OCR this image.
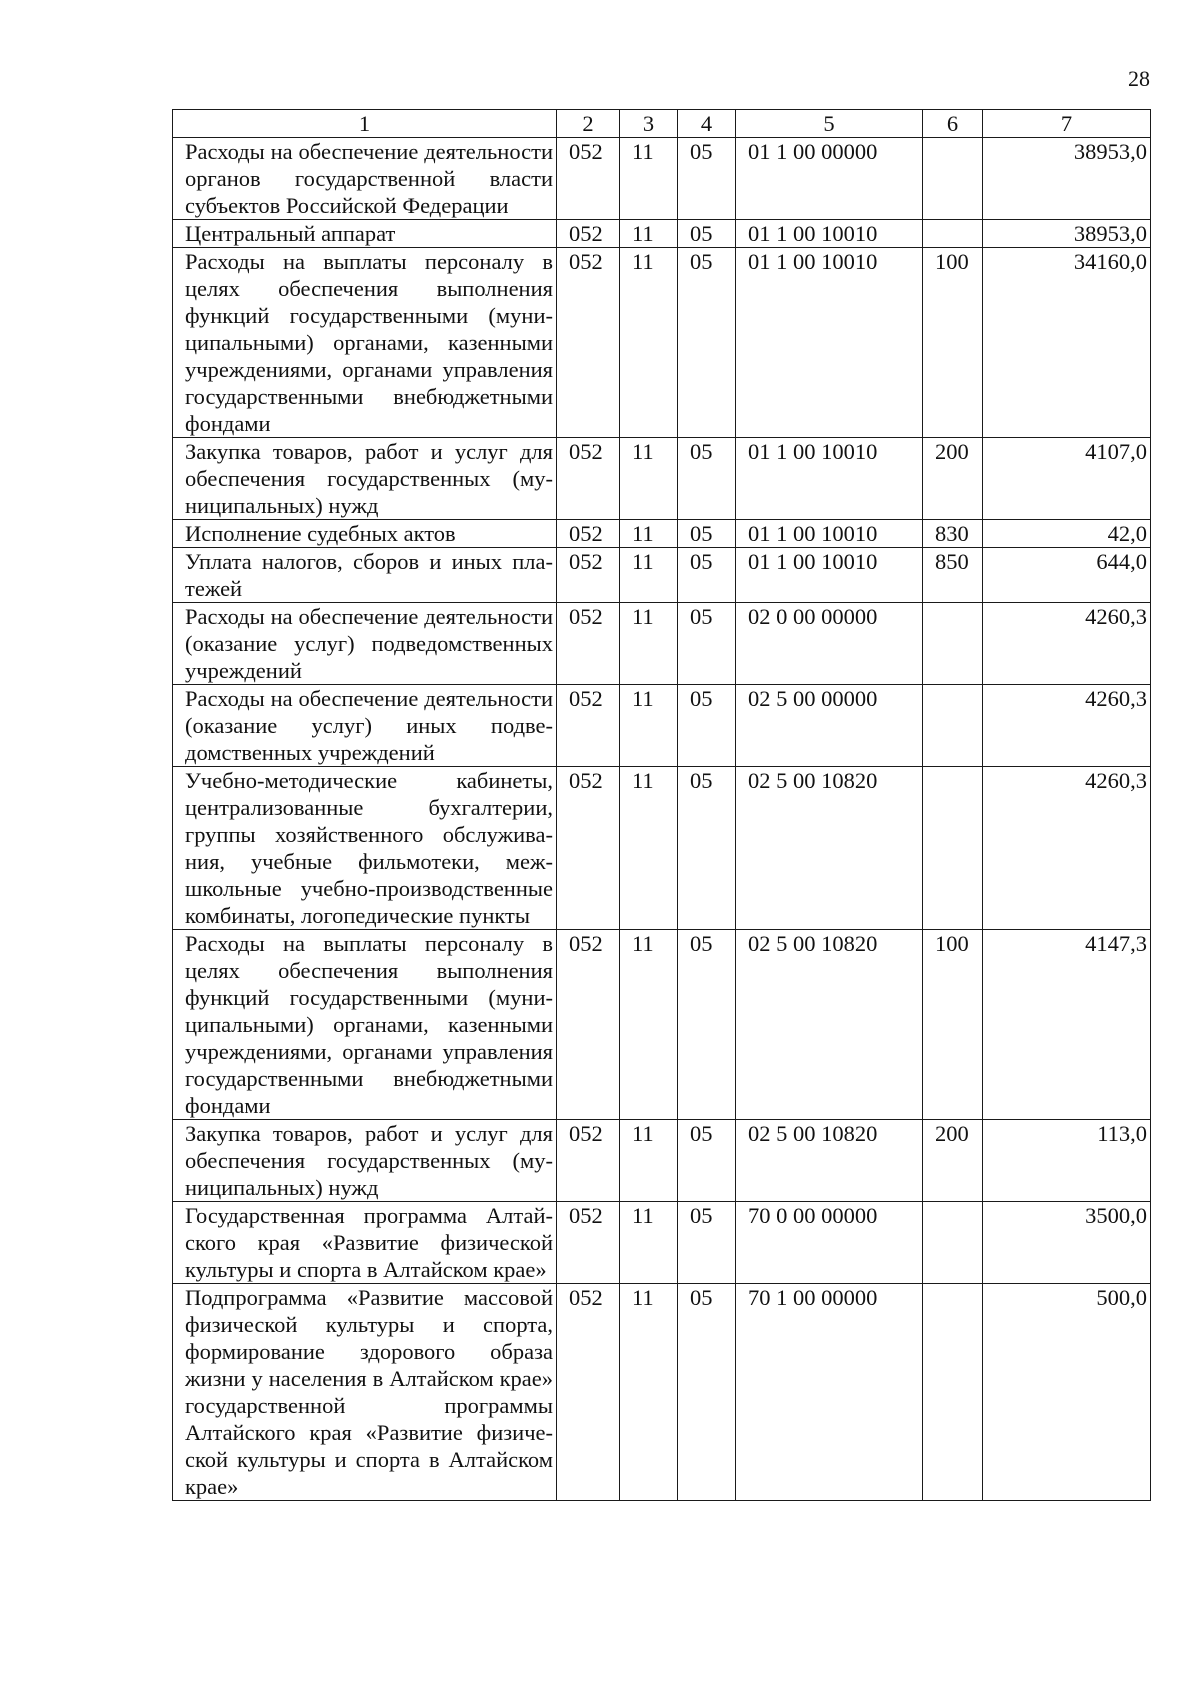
28
1	2	3	4	5	6	7
Расходы на обеспечение деятельности органов государственной власти субъектов Российской Федерации	052	11	05	01 1 00 00000		38953,0
Центральный аппарат	052	11	05	01 1 00 10010		38953,0
Расходы на выплаты персоналу в целях обеспечения выполнения функций государственными (муниципальными) органами, казенными учреждениями, органами управления государственными внебюджетными фондами	052	11	05	01 1 00 10010	100	34160,0
Закупка товаров, работ и услуг для обеспечения государственных (муниципальных) нужд	052	11	05	01 1 00 10010	200	4107,0
Исполнение судебных актов	052	11	05	01 1 00 10010	830	42,0
Уплата налогов, сборов и иных платежей	052	11	05	01 1 00 10010	850	644,0
Расходы на обеспечение деятельности (оказание услуг) подведомственных учреждений	052	11	05	02 0 00 00000		4260,3
Расходы на обеспечение деятельности (оказание услуг) иных подведомственных учреждений	052	11	05	02 5 00 00000		4260,3
Учебно-методические кабинеты, централизованные бухгалтерии, группы хозяйственного обслуживания, учебные фильмотеки, межшкольные учебно-производственные комбинаты, логопедические пункты	052	11	05	02 5 00 10820		4260,3
Расходы на выплаты персоналу в целях обеспечения выполнения функций государственными (муниципальными) органами, казенными учреждениями, органами управления государственными внебюджетными фондами	052	11	05	02 5 00 10820	100	4147,3
Закупка товаров, работ и услуг для обеспечения государственных (муниципальных) нужд	052	11	05	02 5 00 10820	200	113,0
Государственная программа Алтайского края «Развитие физической культуры и спорта в Алтайском крае»	052	11	05	70 0 00 00000		3500,0
Подпрограмма «Развитие массовой физической культуры и спорта, формирование здорового образа жизни у населения в Алтайском крае» государственной программы Алтайского края «Развитие физической культуры и спорта в Алтайском крае»	052	11	05	70 1 00 00000		500,0
